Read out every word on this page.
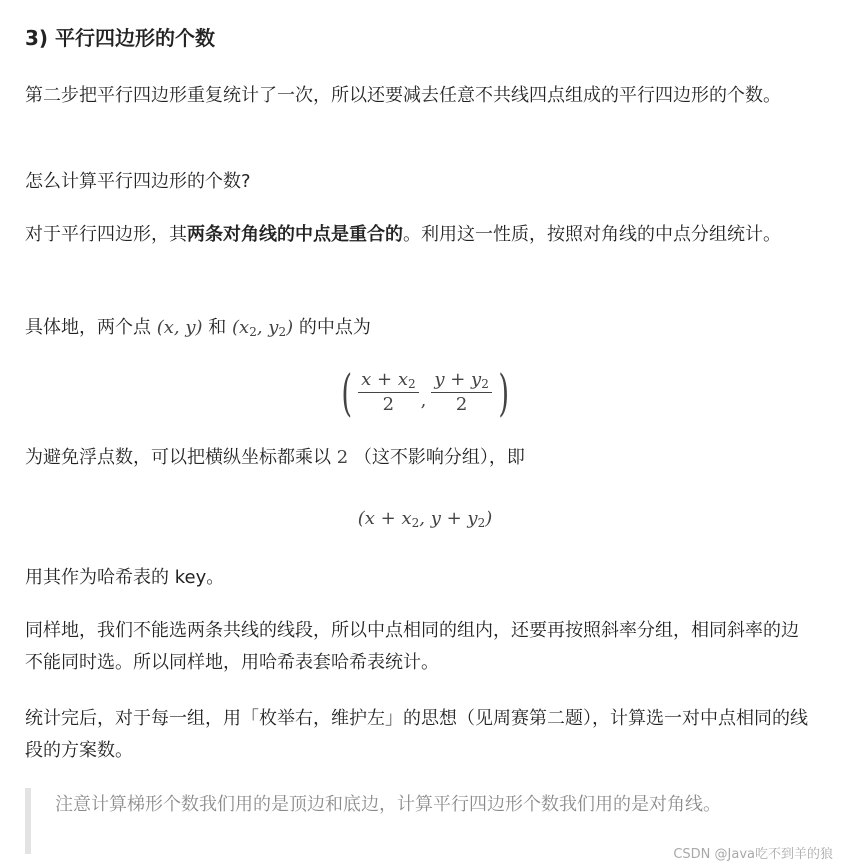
3) 平行四边形的个数

第二步把平行四边形重复统计了一次，所以还要减去任意不共线四点组成的平行四边形的个数。

怎么计算平行四边形的个数?

对于平行四边形，其两条对角线的中点是重合的。利用这一性质，按照对角线的中点分组统计。

具体地，两个点 (x, y) 和 ($x_2$, $y_2$) 的中点为

( $\frac{x + x_2}{2}$ , $\frac{y + y_2}{2}$ )

为避免浮点数，可以把横纵坐标都乘以 2 （这不影响分组），即

($x + x_2$, $y + y_2$)

用其作为哈希表的 key。

同样地，我们不能选两条共线的线段，所以中点相同的组内，还要再按照斜率分组，相同斜率的边不能同时选。所以同样地，用哈希表套哈希表统计。

统计完后，对于每一组，用「枚举右，维护左」的思想（见周赛第二题），计算选一对中点相同的线段的方案数。

注意计算梯形个数我们用的是顶边和底边，计算平行四边形个数我们用的是对角线。

CSDN @Java吃不到羊的狼
